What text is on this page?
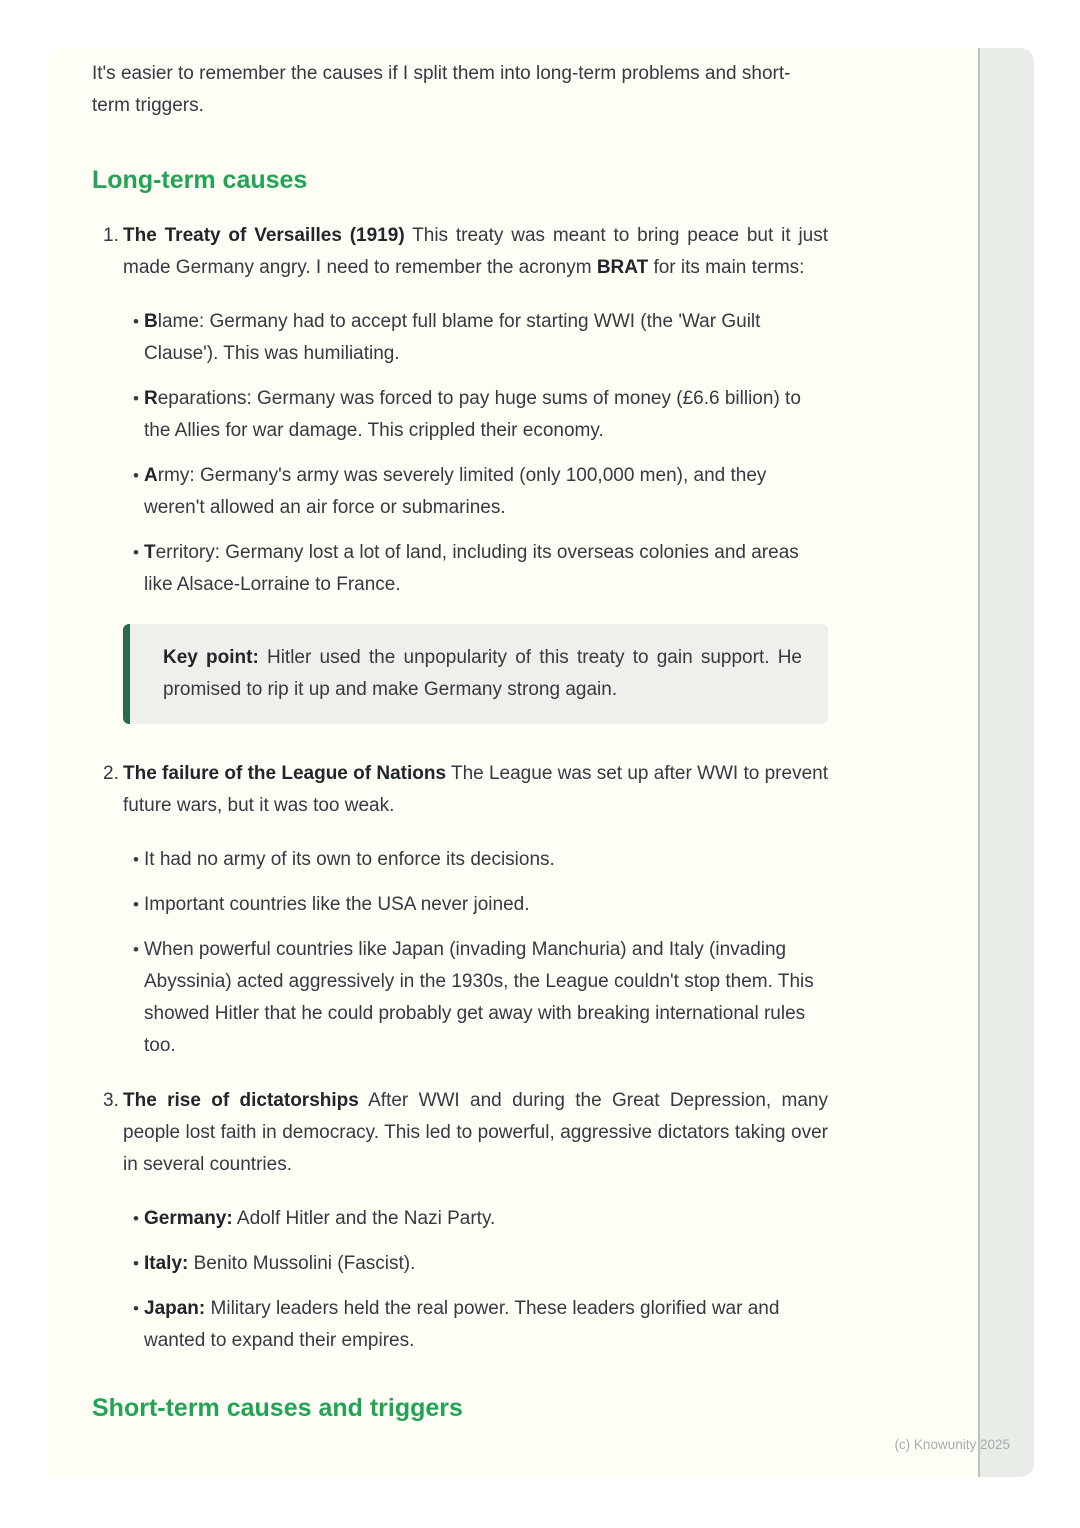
It's easier to remember the causes if I split them into long-term problems and short-term triggers.

Long-term causes
1. The Treaty of Versailles (1919) This treaty was meant to bring peace but it just made Germany angry. I need to remember the acronym BRAT for its main terms:
• Blame: Germany had to accept full blame for starting WWI (the 'War Guilt Clause'). This was humiliating.
• Reparations: Germany was forced to pay huge sums of money (£6.6 billion) to the Allies for war damage. This crippled their economy.
• Army: Germany's army was severely limited (only 100,000 men), and they weren't allowed an air force or submarines.
• Territory: Germany lost a lot of land, including its overseas colonies and areas like Alsace-Lorraine to France.
Key point: Hitler used the unpopularity of this treaty to gain support. He promised to rip it up and make Germany strong again.
2. The failure of the League of Nations The League was set up after WWI to prevent future wars, but it was too weak.
• It had no army of its own to enforce its decisions.
• Important countries like the USA never joined.
• When powerful countries like Japan (invading Manchuria) and Italy (invading Abyssinia) acted aggressively in the 1930s, the League couldn't stop them. This showed Hitler that he could probably get away with breaking international rules too.
3. The rise of dictatorships After WWI and during the Great Depression, many people lost faith in democracy. This led to powerful, aggressive dictators taking over in several countries.
• Germany: Adolf Hitler and the Nazi Party.
• Italy: Benito Mussolini (Fascist).
• Japan: Military leaders held the real power. These leaders glorified war and wanted to expand their empires.
Short-term causes and triggers
(c) Knowunity 2025
